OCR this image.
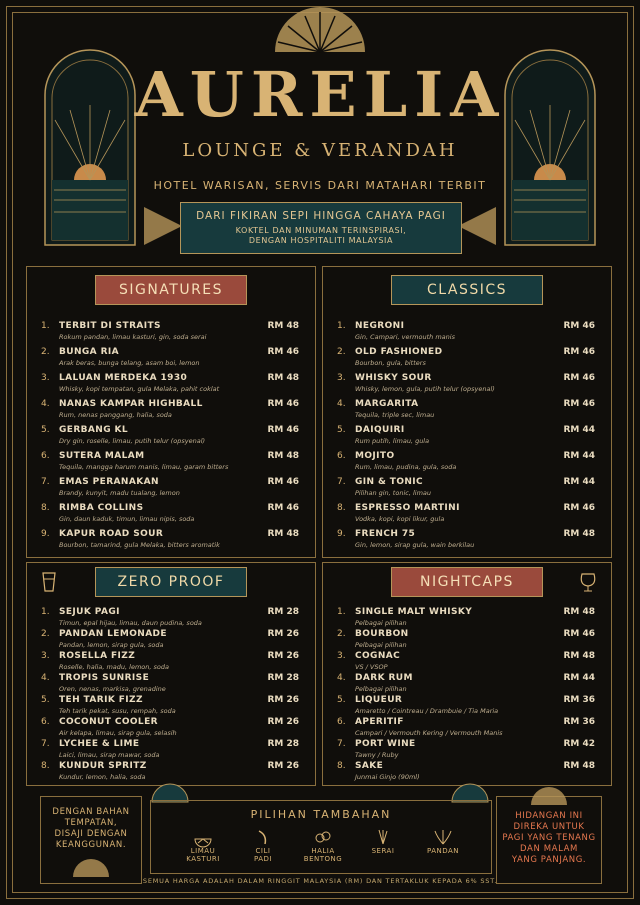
AURELIA
LOUNGE & VERANDAH
HOTEL WARISAN, SERVIS DARI MATAHARI TERBIT
DARI FIKIRAN SEPI HINGGA CAHAYA PAGI
KOKTEL DAN MINUMAN TERINSPIRASI,
DENGAN HOSPITALITI MALAYSIA
SIGNATURES
1. TERBIT DI STRAITS
Rokum pandan, limau kasturi, gin, soda serai
RM 48
2. BUNGA RIA
Arak beras, bunga telang, asam boi, lemon
RM 46
3. LALUAN MERDEKA 1930
Whisky, kopi tempatan, gula Melaka, pahit coklat
RM 48
4. NANAS KAMPAR HIGHBALL
Rum, nenas panggang, halia, soda
RM 46
5. GERBANG KL
Dry gin, roselle, limau, putih telur (opsyenal)
RM 46
6. SUTERA MALAM
Tequila, mangga harum manis, limau, garam bitters
RM 48
7. EMAS PERANAKAN
Brandy, kunyit, madu tualang, lemon
RM 46
8. RIMBA COLLINS
Gin, daun kaduk, timun, limau nipis, soda
RM 46
9. KAPUR ROAD SOUR
Bourbon, tamarind, gula Melaka, bitters aromatik
RM 48
CLASSICS
1. NEGRONI
Gin, Campari, vermouth manis
RM 46
2. OLD FASHIONED
Bourbon, gula, bitters
RM 46
3. WHISKY SOUR
Whisky, lemon, gula, putih telur (opsyenal)
RM 46
4. MARGARITA
Tequila, triple sec, limau
RM 46
5. DAIQUIRI
Rum putih, limau, gula
RM 44
6. MOJITO
Rum, limau, pudina, gula, soda
RM 44
7. GIN & TONIC
Pilihan gin, tonic, limau
RM 44
8. ESPRESSO MARTINI
Vodka, kopi, kopi likur, gula
RM 46
9. FRENCH 75
Gin, lemon, sirap gula, wain berkilau
RM 48
ZERO PROOF
1. SEJUK PAGI
Timun, epal hijau, limau, daun pudina, soda
RM 28
2. PANDAN LEMONADE
Pandan, lemon, sirap gula, soda
RM 26
3. ROSELLA FIZZ
Roselle, halia, madu, lemon, soda
RM 26
4. TROPIS SUNRISE
Oren, nenas, markisa, grenadine
RM 28
5. TEH TARIK FIZZ
Teh tarik pekat, susu, rempah, soda
RM 26
6. COCONUT COOLER
Air kelapa, limau, sirap gula, selasih
RM 26
7. LYCHEE & LIME
Laici, limau, sirap mawar, soda
RM 28
8. KUNDUR SPRITZ
Kundur, lemon, halia, soda
RM 26
NIGHTCAPS
1. SINGLE MALT WHISKY
Pelbagai pilihan
RM 48
2. BOURBON
Pelbagai pilihan
RM 46
3. COGNAC
VS / VSOP
RM 48
4. DARK RUM
Pelbagai pilihan
RM 44
5. LIQUEUR
Amaretto / Cointreau / Drambuie / Tia Maria
RM 36
6. APERITIF
Campari / Vermouth Kering / Vermouth Manis
RM 36
7. PORT WINE
Tawny / Ruby
RM 42
8. SAKE
Junmai Ginjo (90ml)
RM 48
DENGAN BAHAN
TEMPATAN,
DISAJI DENGAN
KEANGGUNAN.
PILIHAN TAMBAHAN
LIMAU
KASTURI
CILI
PADI
HALIA
BENTONG
SERAI	PANDAN
HIDANGAN INI
DIREKA UNTUK
PAGI YANG TENANG
DAN MALAM
YANG PANJANG.
SEMUA HARGA ADALAH DALAM RINGGIT MALAYSIA (RM) DAN TERTAKLUK KEPADA 6% SST.
